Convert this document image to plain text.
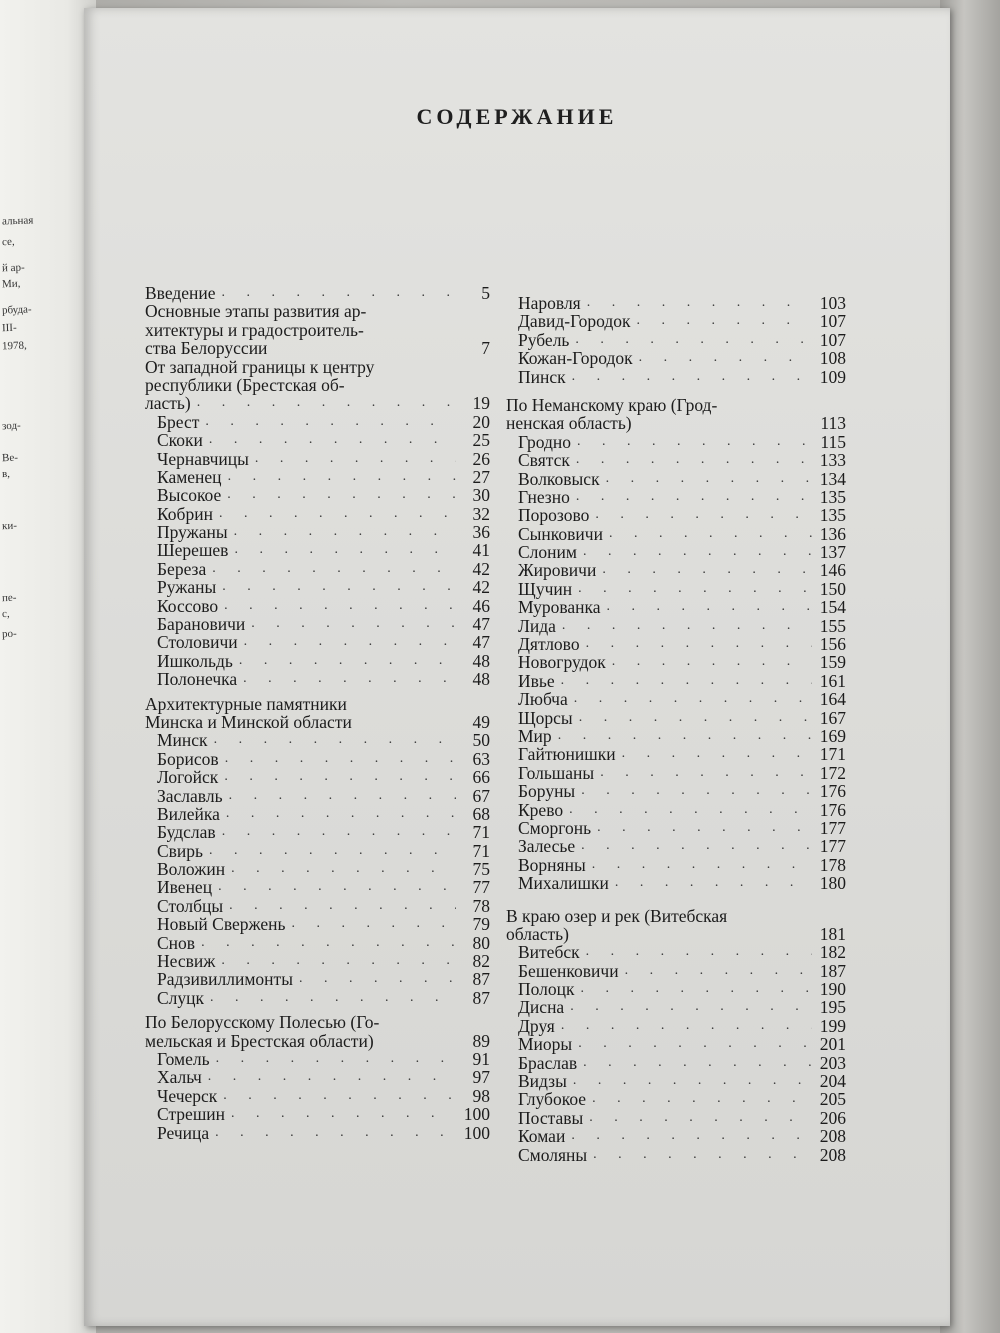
альная
се,
й ар-
Ми,
рбуда-
III-
1978,
зод-
Ве-
в,
ки-
пе-
с,
ро-
СОДЕРЖАНИЕ
Введение . . .	5
Основные этапы развития ар-
хитектуры и градостроитель-
ства Белоруссии	7
От западной границы к центру
республики (Брестская об-
ласть) . . .	19
Брест . . .	20
Скоки . . .	25
Чернавчицы . . .	26
Каменец . . .	27
Высокое . . .	30
Кобрин . . .	32
Пружаны . . .	36
Шерешев . . .	41
Береза . . .	42
Ружаны . . .	42
Коссово . . .	46
Барановичи . . .	47
Столовичи . . .	47
Ишкольдь . . .	48
Полонечка . . .	48
Архитектурные памятники
Минска и Минской области	49
Минск . . .	50
Борисов . . .	63
Логойск . . .	66
Заславль . . .	67
Вилейка . . .	68
Будслав . . .	71
Свирь . . .	71
Воложин . . .	75
Ивенец . . .	77
Столбцы . . .	78
Новый Свержень . . .	79
Снов . . .	80
Несвиж . . .	82
Радзивиллимонты . . .	87
Слуцк . . .	87
По Белорусскому Полесью (Го-
мельская и Брестская области)	89
Гомель . . .	91
Хальч . . .	97
Чечерск . . .	98
Стрешин . . .	100
Речица . . .	100
Наровля . . .	103
Давид-Городок . . .	107
Рубель . . .	107
Кожан-Городок . . .	108
Пинск . . .	109
По Неманскому краю (Грод-
ненская область)	113
Гродно . . .	115
Святск . . .	133
Волковыск . . .	134
Гнезно . . .	135
Порозово . . .	135
Сынковичи . . .	136
Слоним . . .	137
Жировичи . . .	146
Щучин . . .	150
Мурованка . . .	154
Лида . . .	155
Дятлово . . .	156
Новогрудок . . .	159
Ивье . . .	161
Любча . . .	164
Щорсы . . .	167
Мир . . .	169
Гайтюнишки . . .	171
Гольшаны . . .	172
Боруны . . .	176
Крево . . .	176
Сморгонь . . .	177
Залесье . . .	177
Ворняны . . .	178
Михалишки . . .	180
В краю озер и рек (Витебская
область)	181
Витебск . . .	182
Бешенковичи . . .	187
Полоцк . . .	190
Дисна . . .	195
Друя . . .	199
Миоры . . .	201
Браслав . . .	203
Видзы . . .	204
Глубокое . . .	205
Поставы . . .	206
Комаи . . .	208
Смоляны . . .	208
